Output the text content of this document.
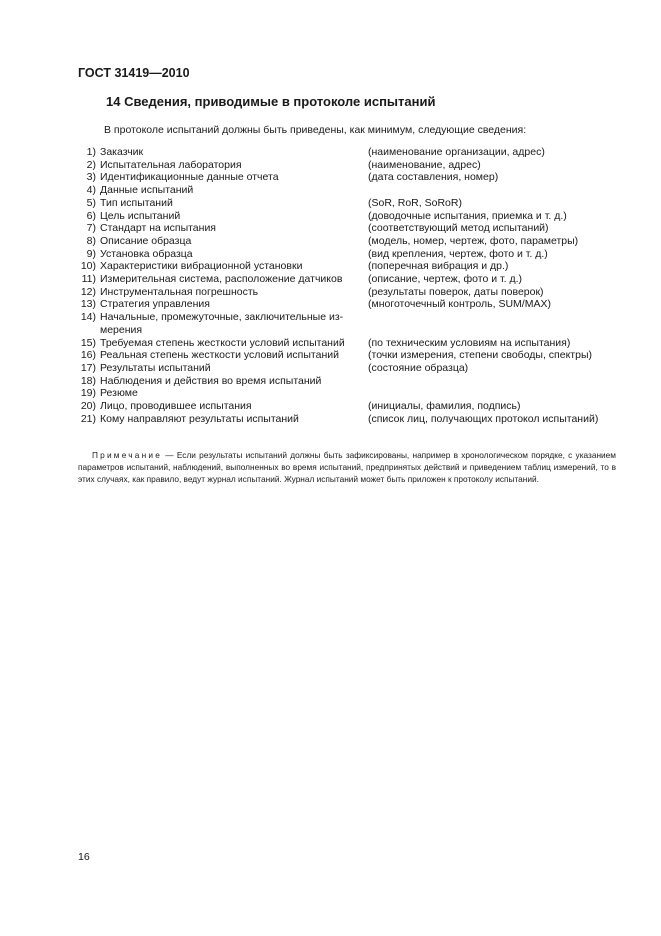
ГОСТ 31419—2010
14 Сведения, приводимые в протоколе испытаний
В протоколе испытаний должны быть приведены, как минимум, следующие сведения:
1) Заказчик	(наименование организации, адрес)
2) Испытательная лаборатория	(наименование, адрес)
3) Идентификационные данные отчета	(дата составления, номер)
4) Данные испытаний
5) Тип испытаний	(SoR, RoR, SoRoR)
6) Цель испытаний	(доводочные испытания, приемка и т. д.)
7) Стандарт на испытания	(соответствующий метод испытаний)
8) Описание образца	(модель, номер, чертеж, фото, параметры)
9) Установка образца	(вид крепления, чертеж, фото и т. д.)
10) Характеристики вибрационной установки	(поперечная вибрация и др.)
11) Измерительная система, расположение датчиков	(описание, чертеж, фото и т. д.)
12) Инструментальная погрешность	(результаты поверок, даты поверок)
13) Стратегия управления	(многоточечный контроль, SUM/MAX)
14) Начальные, промежуточные, заключительные из-мерения
15) Требуемая степень жесткости условий испытаний	(по техническим условиям на испытания)
16) Реальная степень жесткости условий испытаний	(точки измерения, степени свободы, спектры)
17) Результаты испытаний	(состояние образца)
18) Наблюдения и действия во время испытаний
19) Резюме
20) Лицо, проводившее испытания	(инициалы, фамилия, подпись)
21) Кому направляют результаты испытаний	(список лиц, получающих протокол испытаний)
Примечание — Если результаты испытаний должны быть зафиксированы, например в хронологическом порядке, с указанием параметров испытаний, наблюдений, выполненных во время испытаний, предпринятых действий и приведением таблиц измерений, то в этих случаях, как правило, ведут журнал испытаний. Журнал испытаний может быть приложен к протоколу испытаний.
16
